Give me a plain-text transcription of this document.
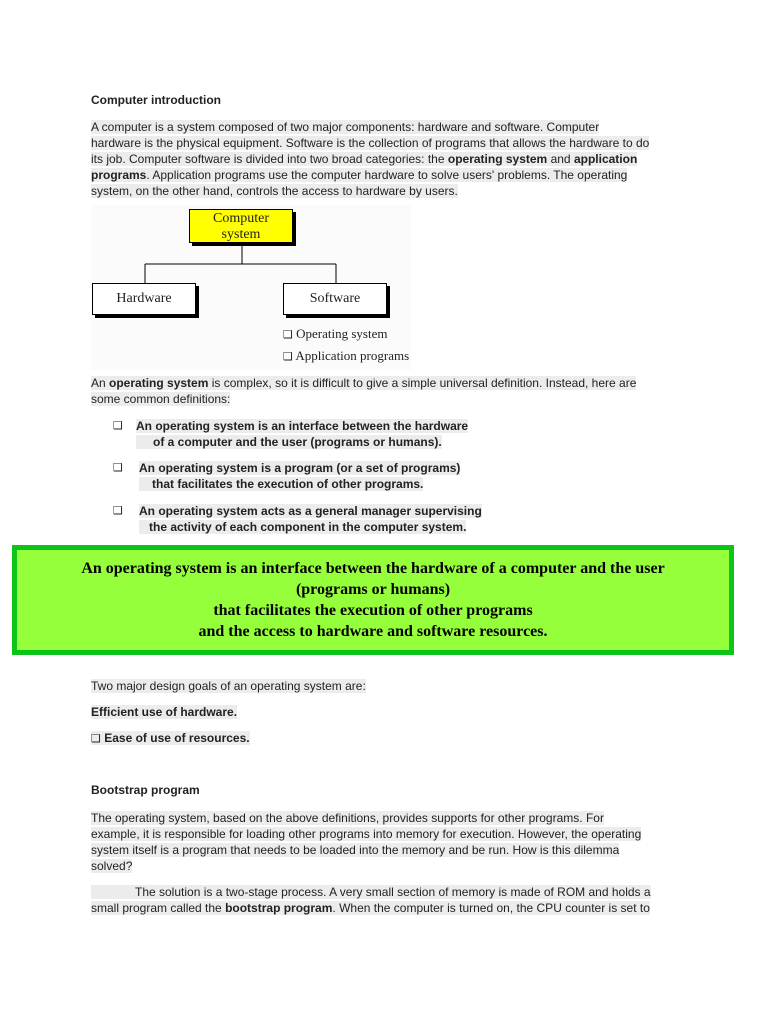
Computer introduction
A computer is a system composed of two major components: hardware and software. Computer
hardware is the physical equipment. Software is the collection of programs that allows the hardware to do
its job. Computer software is divided into two broad categories: the operating system and application
programs. Application programs use the computer hardware to solve users' problems. The operating
system, on the other hand, controls the access to hardware by users.
Computer
system
Hardware	Software
❑ Operating system
❑ Application programs
An operating system is complex, so it is difficult to give a simple universal definition. Instead, here are
some common definitions:
❑ An operating system is an interface between the hardware
of a computer and the user (programs or humans).
❑ An operating system is a program (or a set of programs)
that facilitates the execution of other programs.
❑ An operating system acts as a general manager supervising
the activity of each component in the computer system.
An operating system is an interface between the hardware of a computer and the user
(programs or humans)
that facilitates the execution of other programs
and the access to hardware and software resources.
Two major design goals of an operating system are:
Efficient use of hardware.
❑ Ease of use of resources.
Bootstrap program
The operating system, based on the above definitions, provides supports for other programs. For
example, it is responsible for loading other programs into memory for execution. However, the operating
system itself is a program that needs to be loaded into the memory and be run. How is this dilemma
solved?
The solution is a two-stage process. A very small section of memory is made of ROM and holds a
small program called the bootstrap program. When the computer is turned on, the CPU counter is set to
